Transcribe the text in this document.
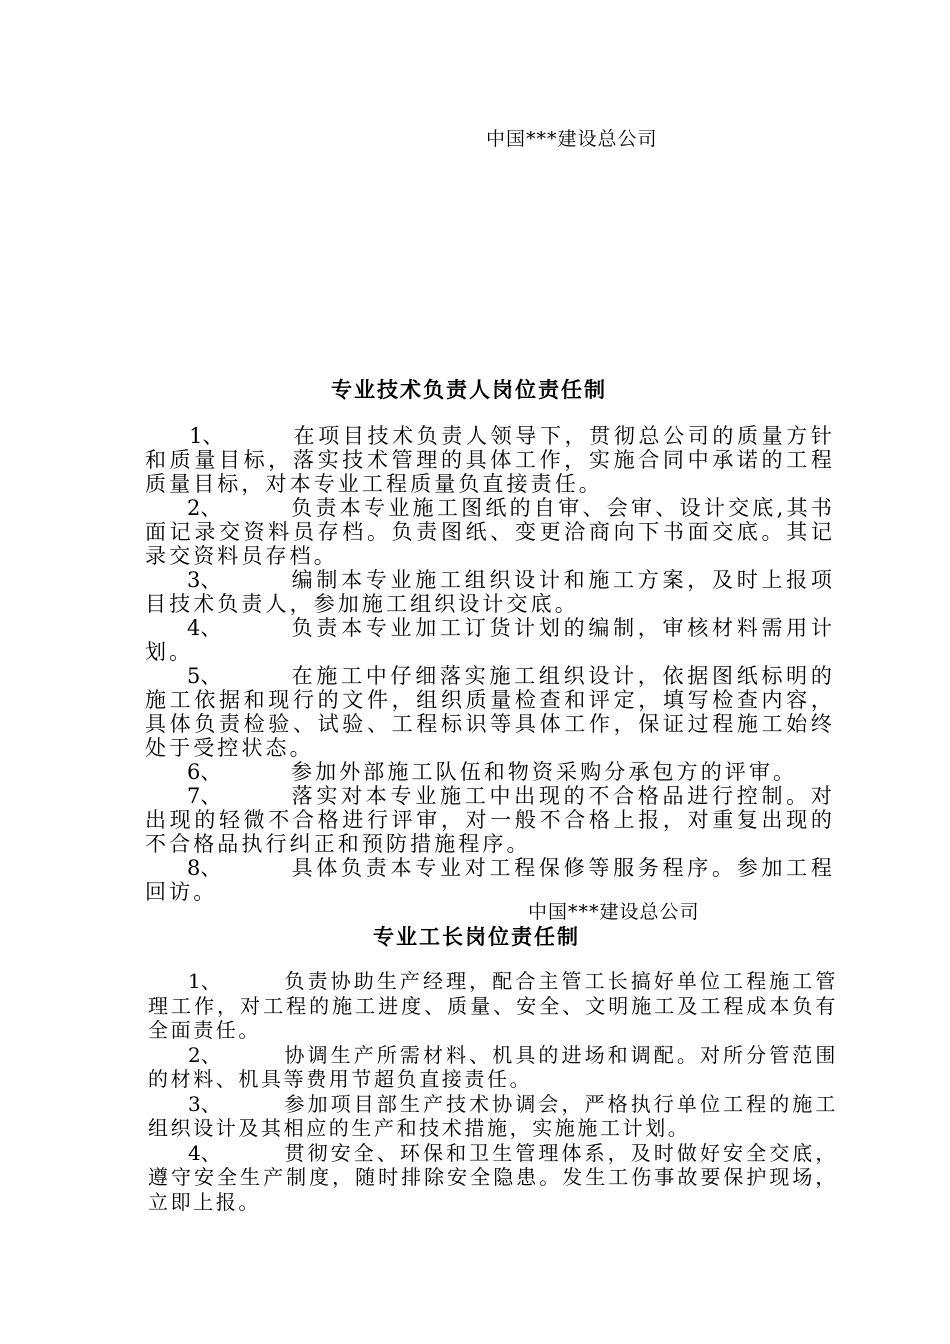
中国***建设总公司
专业技术负责人岗位责任制

1、	在项目技术负责人领导下，贯彻总公司的质量方针和质量目标，落实技术管理的具体工作，实施合同中承诺的工程质量目标，对本专业工程质量负直接责任。

2、	负责本专业施工图纸的自审、会审、设计交底,其书面记录交资料员存档。负责图纸、变更洽商向下书面交底。其记录交资料员存档。

3、	编制本专业施工组织设计和施工方案，及时上报项目技术负责人，参加施工组织设计交底。

4、	负责本专业加工订货计划的编制，审核材料需用计划。

5、	在施工中仔细落实施工组织设计，依据图纸标明的施工依据和现行的文件，组织质量检查和评定，填写检查内容，具体负责检验、试验、工程标识等具体工作，保证过程施工始终处于受控状态。

6、	参加外部施工队伍和物资采购分承包方的评审。

7、	落实对本专业施工中出现的不合格品进行控制。对出现的轻微不合格进行评审，对一般不合格上报，对重复出现的不合格品执行纠正和预防措施程序。

8、	具体负责本专业对工程保修等服务程序。参加工程回访。

中国***建设总公司
专业工长岗位责任制

1、	负责协助生产经理，配合主管工长搞好单位工程施工管理工作，对工程的施工进度、质量、安全、文明施工及工程成本负有全面责任。

2、	协调生产所需材料、机具的进场和调配。对所分管范围的材料、机具等费用节超负直接责任。

3、	参加项目部生产技术协调会，严格执行单位工程的施工组织设计及其相应的生产和技术措施，实施施工计划。

4、	贯彻安全、环保和卫生管理体系，及时做好安全交底，遵守安全生产制度，随时排除安全隐患。发生工伤事故要保护现场，立即上报。
